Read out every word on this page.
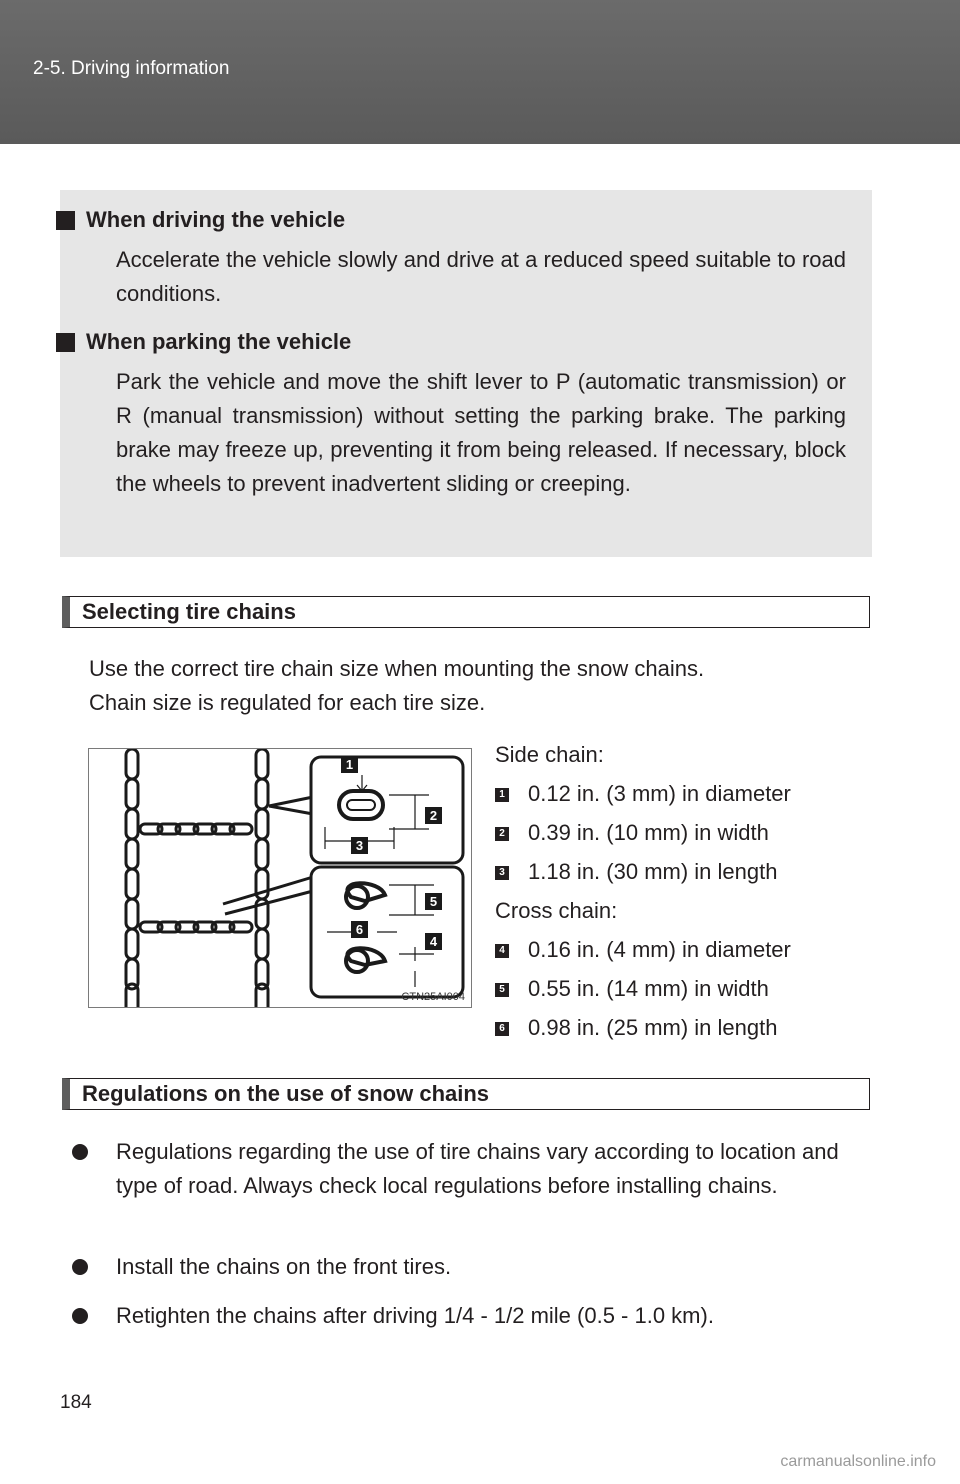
2-5. Driving information
When driving the vehicle
Accelerate the vehicle slowly and drive at a reduced speed suitable to road conditions.
When parking the vehicle
Park the vehicle and move the shift lever to P (automatic transmission) or R (manual transmission) without setting the parking brake. The parking brake may freeze up, preventing it from being released. If necessary, block the wheels to prevent inadvertent sliding or creeping.
Selecting tire chains
Use the correct tire chain size when mounting the snow chains.
Chain size is regulated for each tire size.
1
2
3
4
5
6
CTN25AI004
Side chain:
1 0.12 in. (3 mm) in diameter
2 0.39 in. (10 mm) in width
3 1.18 in. (30 mm) in length
Cross chain:
4 0.16 in. (4 mm) in diameter
5 0.55 in. (14 mm) in width
6 0.98 in. (25 mm) in length
Regulations on the use of snow chains
Regulations regarding the use of tire chains vary according to location and type of road. Always check local regulations before installing chains.
Install the chains on the front tires.
Retighten the chains after driving 1/4 - 1/2 mile (0.5 - 1.0 km).
184
carmanualsonline.info
